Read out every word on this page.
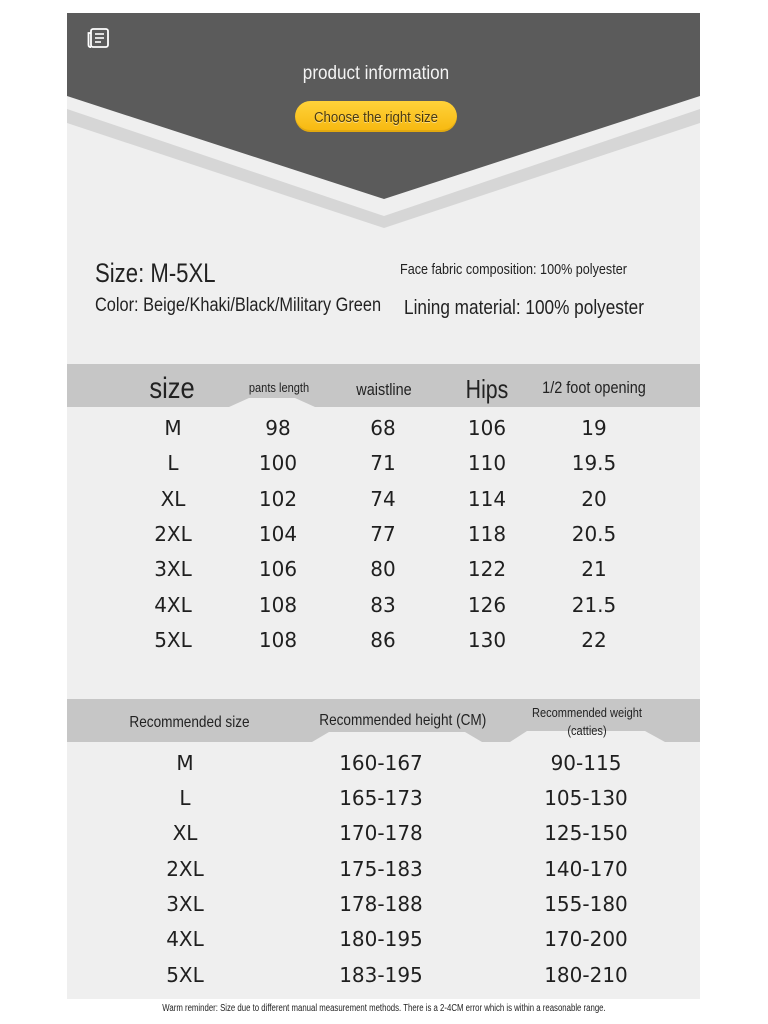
product information
Choose the right size
Size: M-5XL
Color: Beige/Khaki/Black/Military Green
Face fabric composition: 100% polyester
Lining material: 100% polyester
size	pants length	waistline	Hips	1/2 foot opening
M	98	68	106	19
L	100	71	110	19.5
XL	102	74	114	20
2XL	104	77	118	20.5
3XL	106	80	122	21
4XL	108	83	126	21.5
5XL	108	86	130	22
Recommended size	Recommended height (CM)	Recommended weight
(catties)
M	160-167	90-115
L	165-173	105-130
XL	170-178	125-150
2XL	175-183	140-170
3XL	178-188	155-180
4XL	180-195	170-200
5XL	183-195	180-210
Warm reminder: Size due to different manual measurement methods. There is a 2-4CM error which is within a reasonable range.
